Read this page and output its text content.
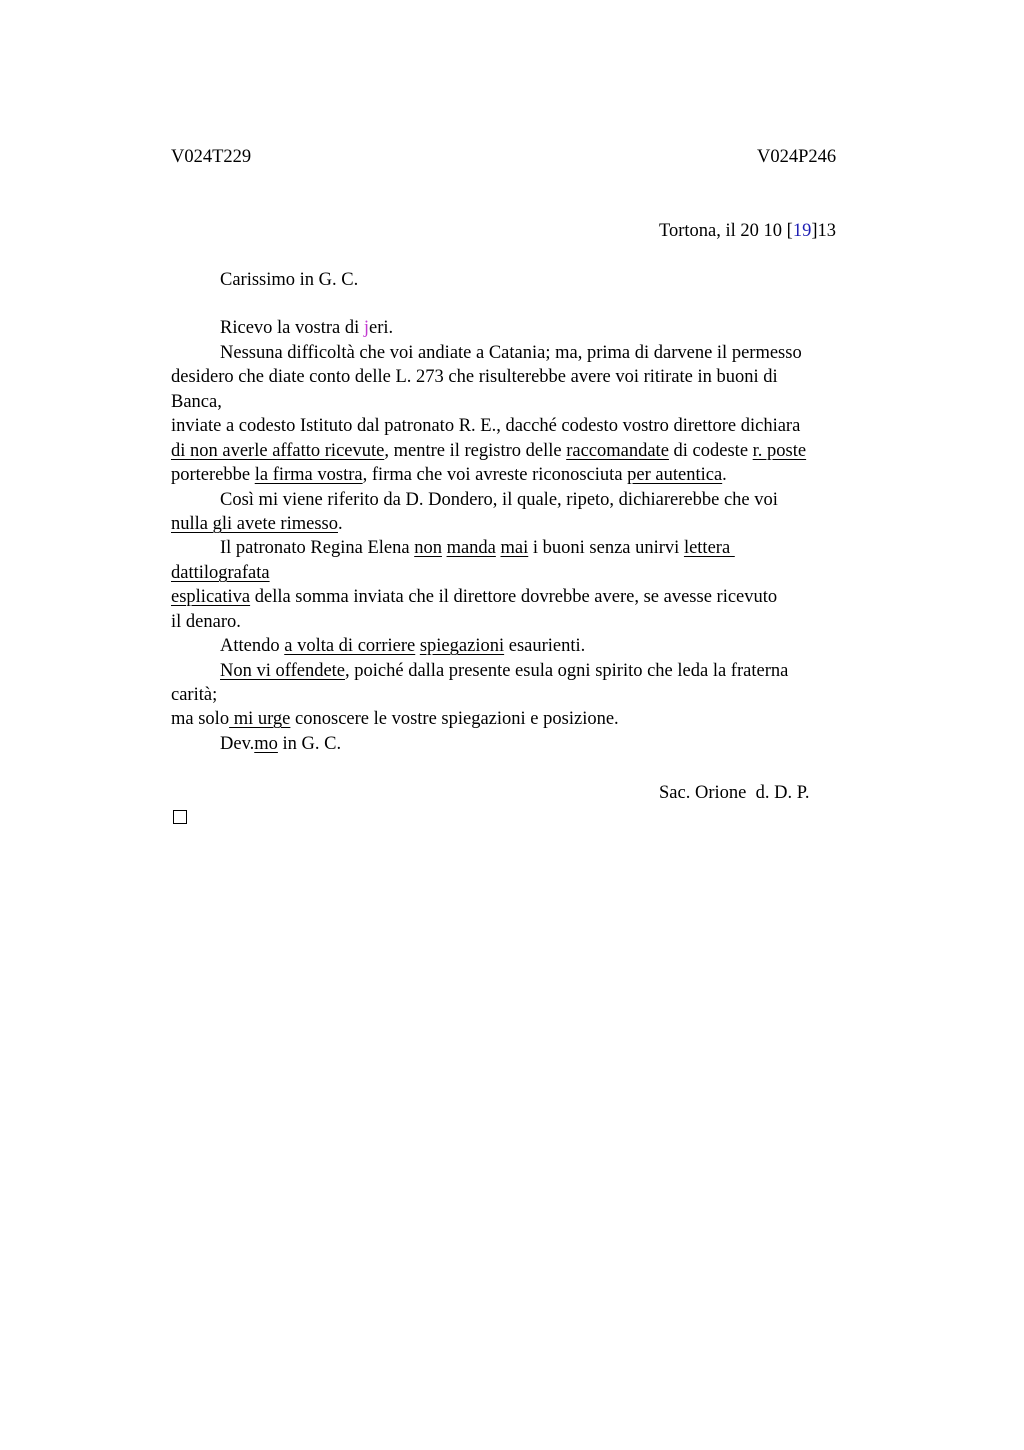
V024T229	V024P246
Tortona, il 20 10 [19]13
Carissimo in G. C.
Ricevo la vostra di jeri.
Nessuna difficoltà che voi andiate a Catania; ma, prima di darvene il permesso
desidero che diate conto delle L. 273 che risulterebbe avere voi ritirate in buoni di
Banca,
inviate a codesto Istituto dal patronato R. E., dacché codesto vostro direttore dichiara
di non averle affatto ricevute, mentre il registro delle raccomandate di codeste r. poste
porterebbe la firma vostra, firma che voi avreste riconosciuta per autentica.
Così mi viene riferito da D. Dondero, il quale, ripeto, dichiarerebbe che voi
nulla gli avete rimesso.
Il patronato Regina Elena non manda mai i buoni senza unirvi lettera
dattilografata
esplicativa della somma inviata che il direttore dovrebbe avere, se avesse ricevuto
il denaro.
Attendo a volta di corriere spiegazioni esaurienti.
Non vi offendete, poiché dalla presente esula ogni spirito che leda la fraterna
carità;
ma solo mi urge conoscere le vostre spiegazioni e posizione.
Dev.mo in G. C.
Sac. Orione  d. D. P.
